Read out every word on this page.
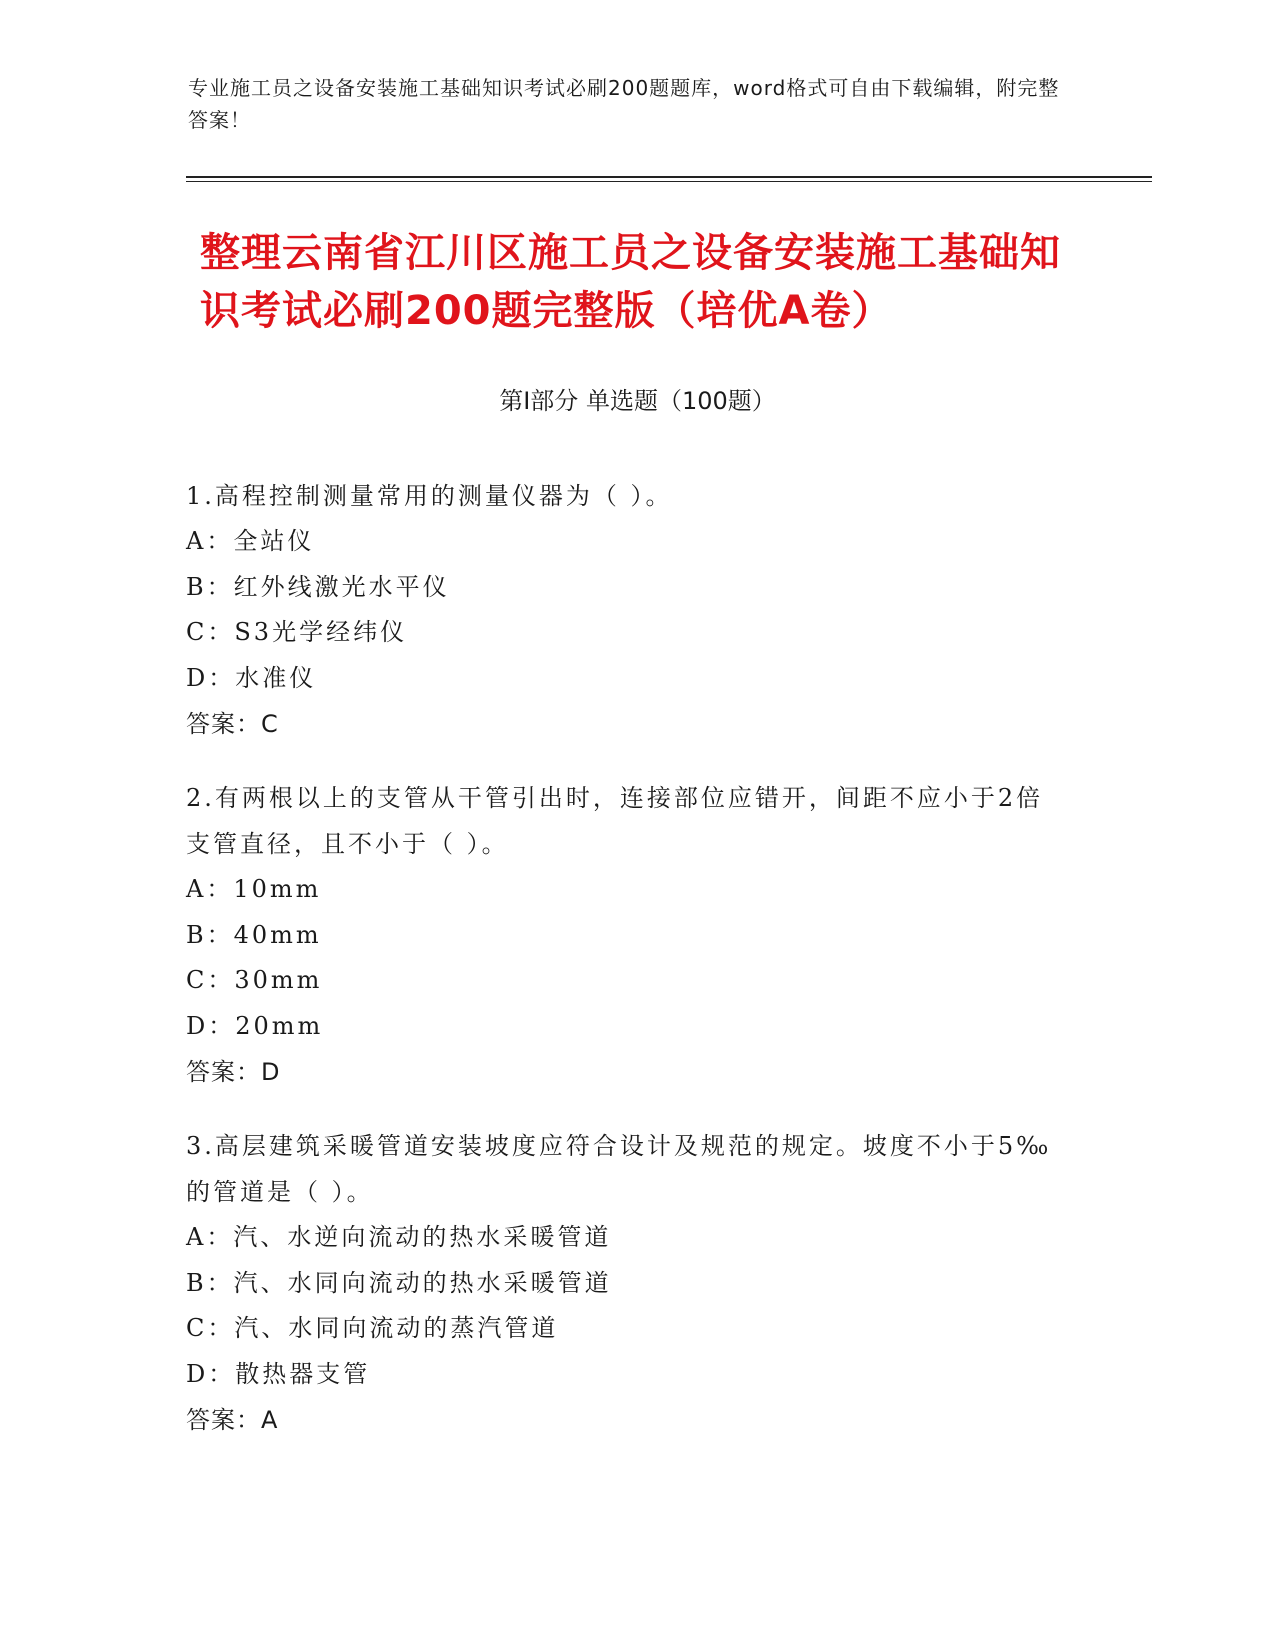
专业施工员之设备安装施工基础知识考试必刷200题题库，word格式可自由下载编辑，附完整答案！
整理云南省江川区施工员之设备安装施工基础知识考试必刷200题完整版（培优A卷）
第Ⅰ部分 单选题（100题）
1.高程控制测量常用的测量仪器为（ ）。
A：全站仪
B：红外线激光水平仪
C：S3光学经纬仪
D：水准仪
答案：C
2.有两根以上的支管从干管引出时，连接部位应错开，间距不应小于2倍支管直径，且不小于（ ）。
A：10mm
B：40mm
C：30mm
D：20mm
答案：D
3.高层建筑采暖管道安装坡度应符合设计及规范的规定。坡度不小于5‰的管道是（ ）。
A：汽、水逆向流动的热水采暖管道
B：汽、水同向流动的热水采暖管道
C：汽、水同向流动的蒸汽管道
D：散热器支管
答案：A
